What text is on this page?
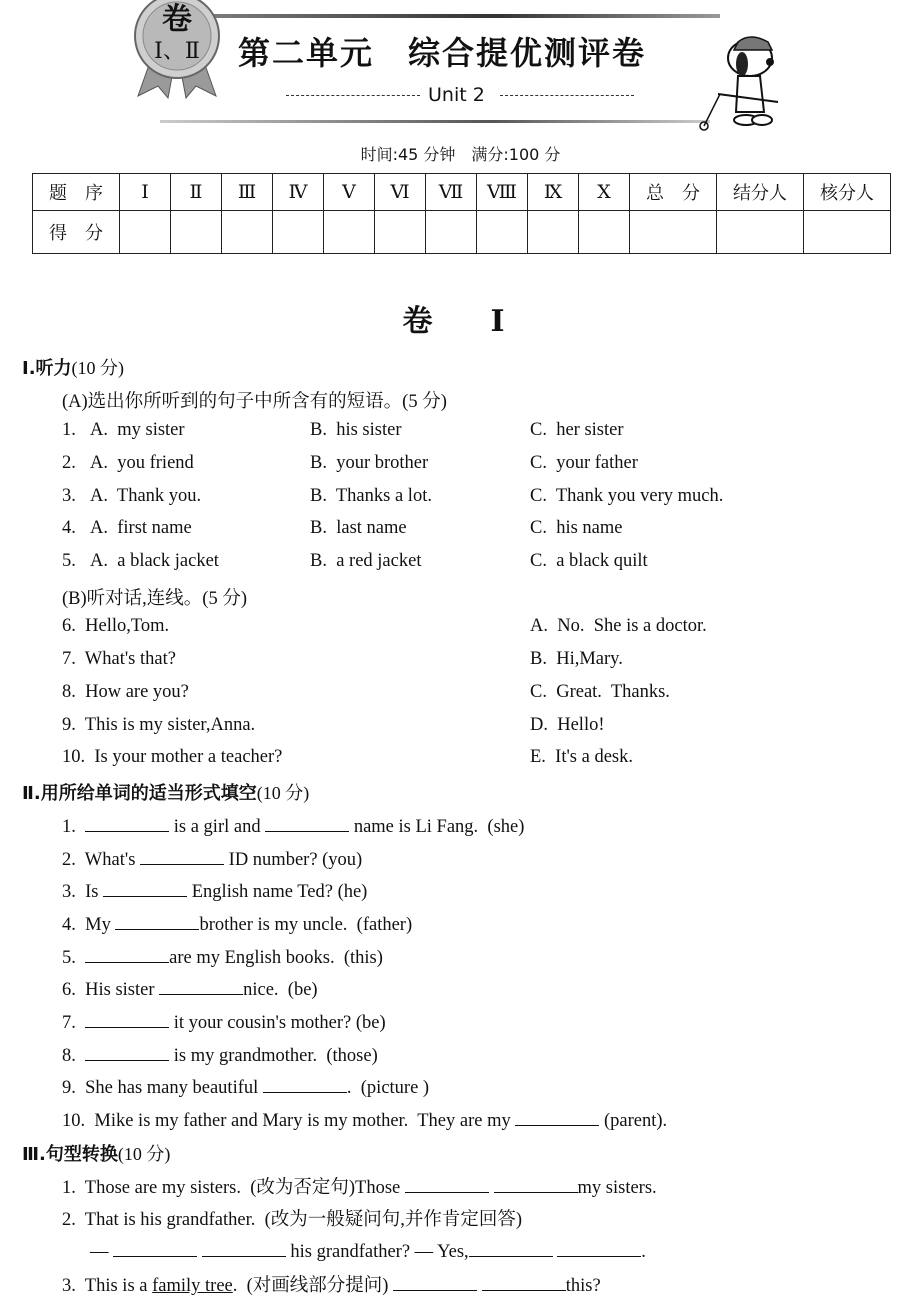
卷
Ⅰ、Ⅱ	第二单元　综合提优测评卷
Unit 2
时间:45 分钟　满分:100 分
题　序	Ⅰ	Ⅱ	Ⅲ	Ⅳ	Ⅴ	Ⅵ	Ⅶ	Ⅷ	Ⅸ	Ⅹ	总　分	结分人	核分人
得　分													
卷　Ⅰ
Ⅰ.听力(10 分)
(A)选出你所听到的句子中所含有的短语。(5 分)
1. A.  my sister	B.  his sister	C.  her sister
2. A.  you friend	B.  your brother	C.  your father
3. A.  Thank you.	B.  Thanks a lot.	C.  Thank you very much.
4. A.  first name	B.  last name	C.  his name
5. A.  a black jacket	B.  a red jacket	C.  a black quilt
(B)听对话,连线。(5 分)
6.  Hello,Tom.	A.  No.  She is a doctor.
7.  What's that?	B.  Hi,Mary.
8.  How are you?	C.  Great.  Thanks.
9.  This is my sister,Anna.	D.  Hello!
10.  Is your mother a teacher?	E.  It's a desk.
Ⅱ.用所给单词的适当形式填空(10 分)
1.	is a girl and	name is Li Fang.  (she)
2. What's	ID number? (you)
3. Is	English name Ted? (he)
4. My	brother is my uncle.  (father)
5.	are my English books.  (this)
6. His sister	nice.  (be)
7.	it your cousin's mother? (be)
8.	is my grandmother.  (those)
9. She has many beautiful	.  (picture )
10. Mike is my father and Mary is my mother.  They are my	(parent).
Ⅲ.句型转换(10 分)
1. Those are my sisters.  (改为否定句)Those	my sisters.
2. That is his grandfather.  (改为一般疑问句,并作肯定回答)
—	his grandfather? — Yes,	.
3. This is a family tree.  (对画线部分提问)	this?
